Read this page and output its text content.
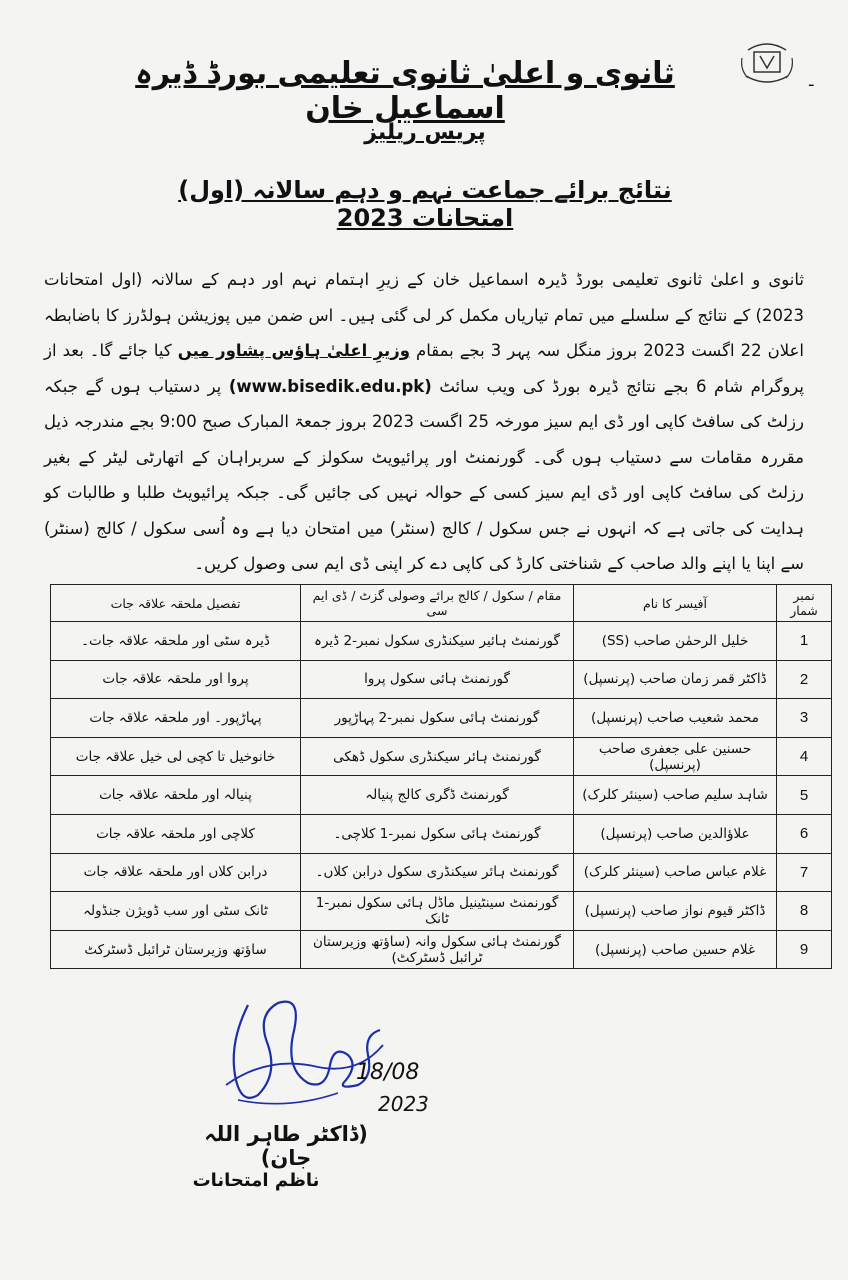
-
ثانوی و اعلیٰ ثانوی تعلیمی بورڈ ڈیرہ اسماعیل خان
پریس ریلیز
نتائج برائے جماعت نہم و دہم سالانہ (اول) امتحانات 2023
ثانوی و اعلیٰ ثانوی تعلیمی بورڈ ڈیرہ اسماعیل خان کے زیرِ اہتمام نہم اور دہم کے سالانہ (اول امتحانات 2023) کے نتائج کے سلسلے میں تمام تیاریاں مکمل کر لی گئی ہیں۔ اس ضمن میں پوزیشن ہولڈرز کا باضابطہ اعلان 22 اگست 2023 بروز منگل سہ پہر 3 بجے بمقام وزیرِ اعلیٰ ہاؤس پشاور میں کیا جائے گا۔ بعد از پروگرام شام 6 بجے نتائج ڈیرہ بورڈ کی ویب سائٹ (www.bisedik.edu.pk) پر دستیاب ہوں گے جبکہ رزلٹ کی سافٹ کاپی اور ڈی ایم سیز مورخہ 25 اگست 2023 بروز جمعۃ المبارک صبح 9:00 بجے مندرجہ ذیل مقررہ مقامات سے دستیاب ہوں گی۔ گورنمنٹ اور پرائیویٹ سکولز کے سربراہان کے اتھارٹی لیٹر کے بغیر رزلٹ کی سافٹ کاپی اور ڈی ایم سیز کسی کے حوالہ نہیں کی جائیں گی۔ جبکہ پرائیویٹ طلبا و طالبات کو ہدایت کی جاتی ہے کہ انہوں نے جس سکول / کالج (سنٹر) میں امتحان دیا ہے وہ اُسی سکول / کالج (سنٹر) سے اپنا یا اپنے والد صاحب کے شناختی کارڈ کی کاپی دے کر اپنی ڈی ایم سی وصول کریں۔
نمبر شمار	آفیسر کا نام	مقام / سکول / کالج برائے وصولی گزٹ / ڈی ایم سی	تفصیل ملحقہ علاقہ جات
1	خلیل الرحمٰن صاحب (SS)	گورنمنٹ ہائیر سیکنڈری سکول نمبر-2 ڈیرہ	ڈیرہ سٹی اور ملحقہ علاقہ جات۔
2	ڈاکٹر قمر زمان صاحب (پرنسپل)	گورنمنٹ ہائی سکول پروا	پروا اور ملحقہ علاقہ جات
3	محمد شعیب صاحب (پرنسپل)	گورنمنٹ ہائی سکول نمبر-2 پہاڑپور	پہاڑپور۔ اور ملحقہ علاقہ جات
4	حسنین علی جعفری صاحب (پرنسپل)	گورنمنٹ ہائر سیکنڈری سکول ڈھکی	خانوخیل تا کچی لی خیل علاقہ جات
5	شاہد سلیم صاحب (سینئر کلرک)	گورنمنٹ ڈگری کالج پنیالہ	پنیالہ اور ملحقہ علاقہ جات
6	علاؤالدین صاحب (پرنسپل)	گورنمنٹ ہائی سکول نمبر-1 کلاچی۔	کلاچی اور ملحقہ علاقہ جات
7	غلام عباس صاحب (سینئر کلرک)	گورنمنٹ ہائر سیکنڈری سکول درابن کلاں۔	درابن کلاں اور ملحقہ علاقہ جات
8	ڈاکٹر قیوم نواز صاحب (پرنسپل)	گورنمنٹ سینٹینیل ماڈل ہائی سکول نمبر-1 ٹانک	ٹانک سٹی اور سب ڈویژن جنڈولہ
9	غلام حسین صاحب (پرنسپل)	گورنمنٹ ہائی سکول وانہ (ساؤتھ وزیرستان ٹرائبل ڈسٹرکٹ)	ساؤتھ وزیرستان ٹرائبل ڈسٹرکٹ
18/08
2023
(ڈاکٹر طاہر اللہ جان)
ناظم امتحانات
